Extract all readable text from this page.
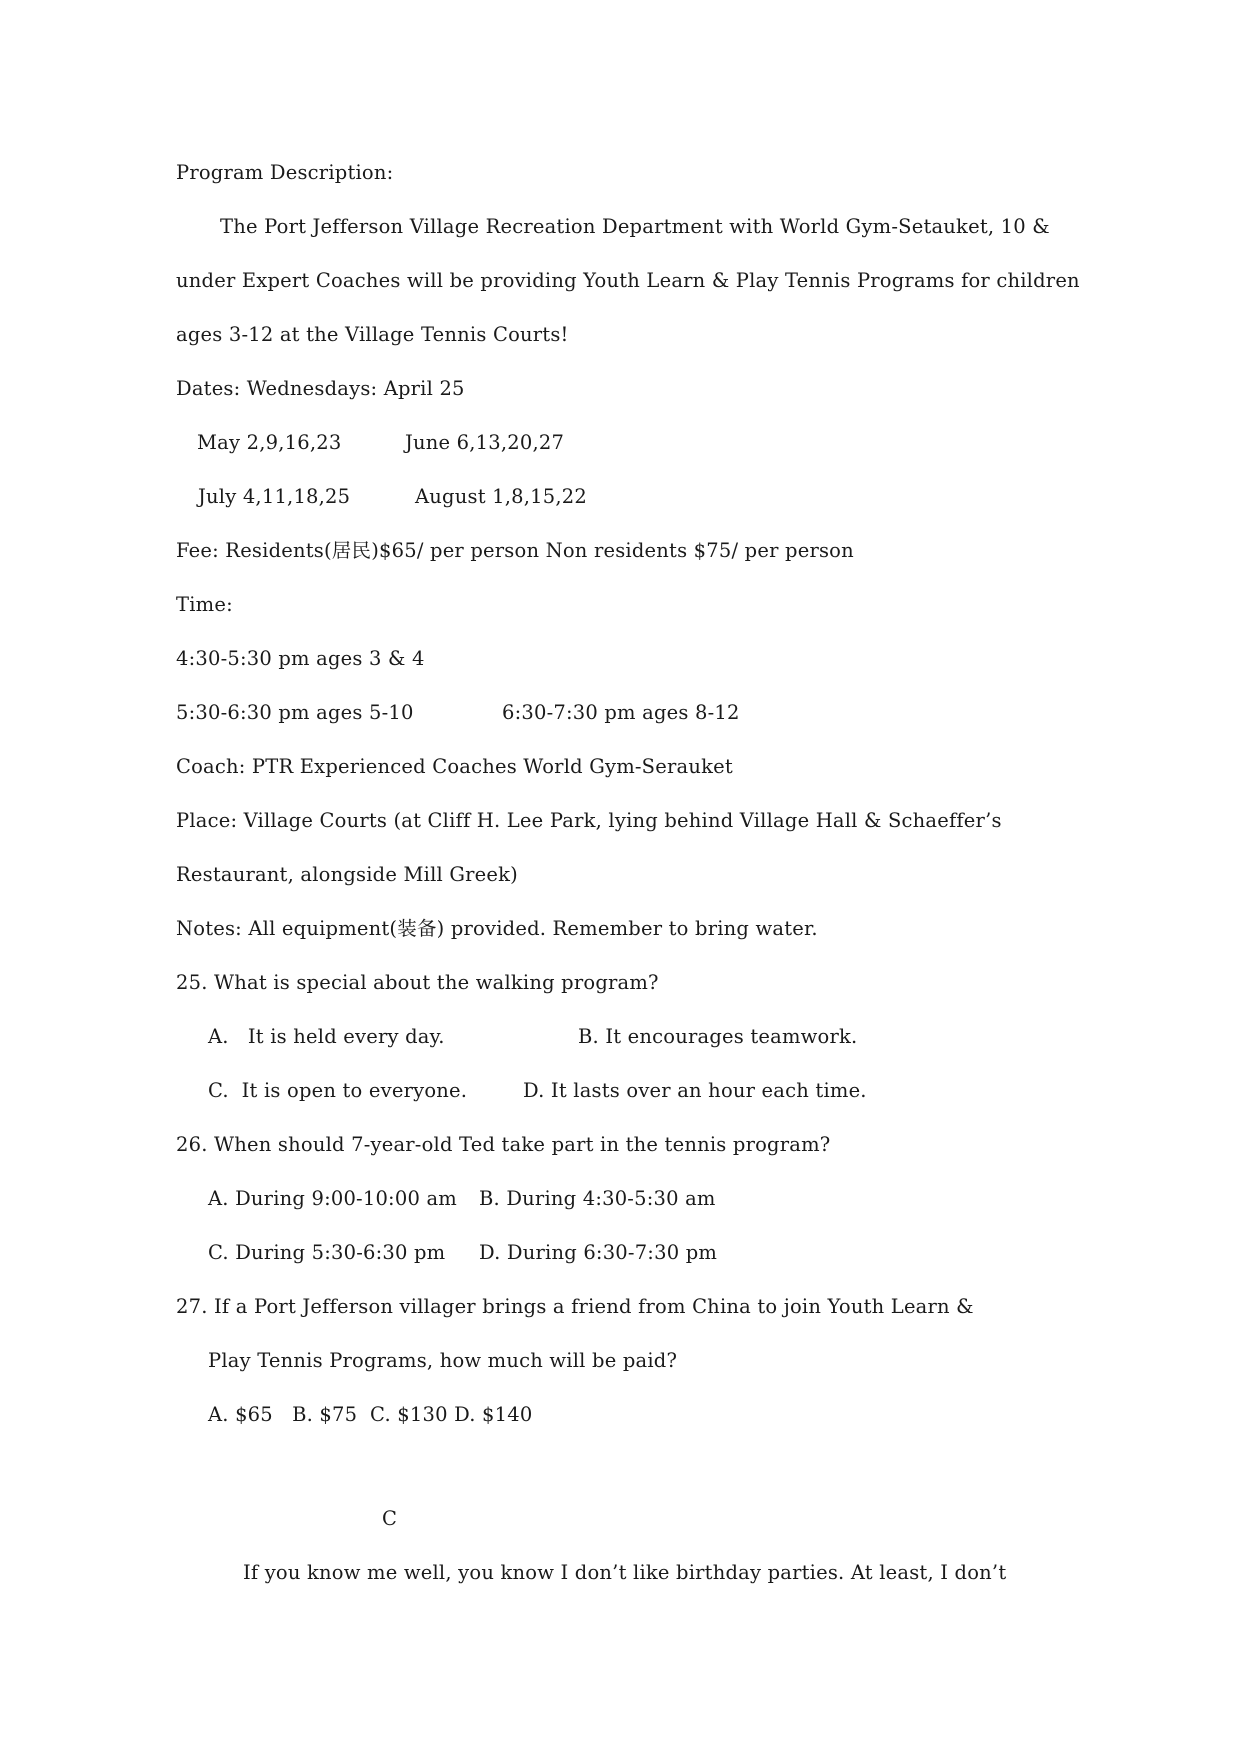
Program Description:
The Port Jefferson Village Recreation Department with World Gym-Setauket, 10 &
under Expert Coaches will be providing Youth Learn & Play Tennis Programs for children
ages 3-12 at the Village Tennis Courts!
Dates: Wednesdays: April 25

May 2,9,16,23

	June 6,13,20,27

July 4,11,18,25

	August 1,8,15,22

Fee: Residents(居民)$65/ per person Non residents $75/ per person
Time:
4:30-5:30 pm ages 3 & 4

5:30-6:30 pm ages 5-10

	6:30-7:30 pm ages 8-12

Coach: PTR Experienced Coaches World Gym-Serauket
Place: Village Courts (at Cliff H. Lee Park, lying behind Village Hall & Schaeffer’s
Restaurant, alongside Mill Greek)
Notes: All equipment(装备) provided. Remember to bring water.
25. What is special about the walking program?

A.   It is held every day.

	B. It encourages teamwork.

C.  It is open to everyone.

	D. It lasts over an hour each time.

26. When should 7-year-old Ted take part in the tennis program?

A. During 9:00-10:00 am

B. During 4:30-5:30 am

C. During 5:30-6:30 pm

D. During 6:30-7:30 pm

27. If a Port Jefferson villager brings a friend from China to join Youth Learn &
Play Tennis Programs, how much will be paid?
A. $65   B. $75  C. $130 D. $140
C
If you know me well, you know I don’t like birthday parties. At least, I don’t
